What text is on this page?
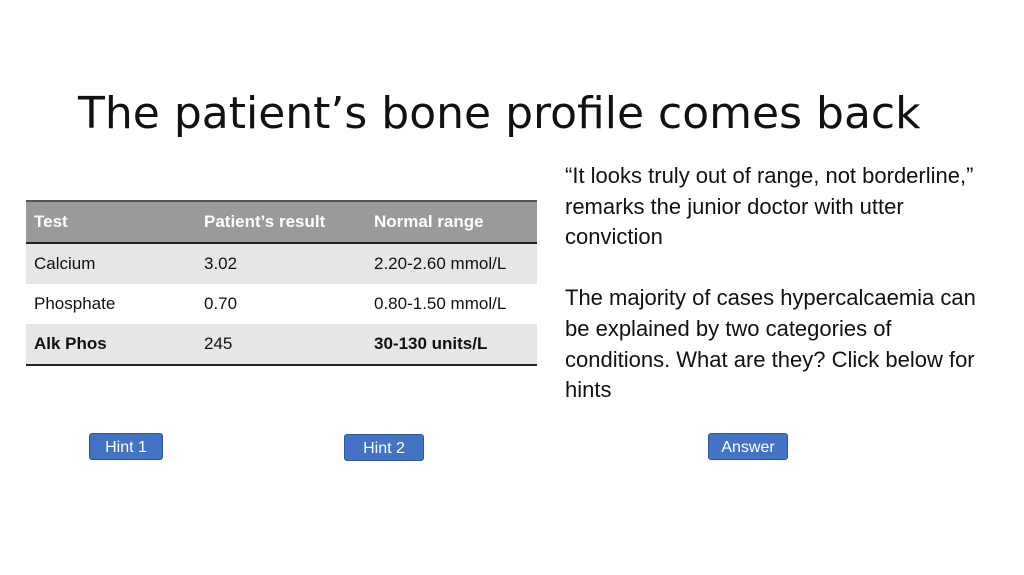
The patient’s bone profile comes back
Test	Patient’s result	Normal range
Calcium	3.02	2.20-2.60 mmol/L
Phosphate	0.70	0.80-1.50 mmol/L
Alk Phos	245	30-130 units/L

“It looks truly out of range, not borderline,” remarks the junior doctor with utter conviction

The majority of cases hypercalcaemia can be explained by two categories of conditions. What are they? Click below for hints

Hint 1	Hint 2	Answer
